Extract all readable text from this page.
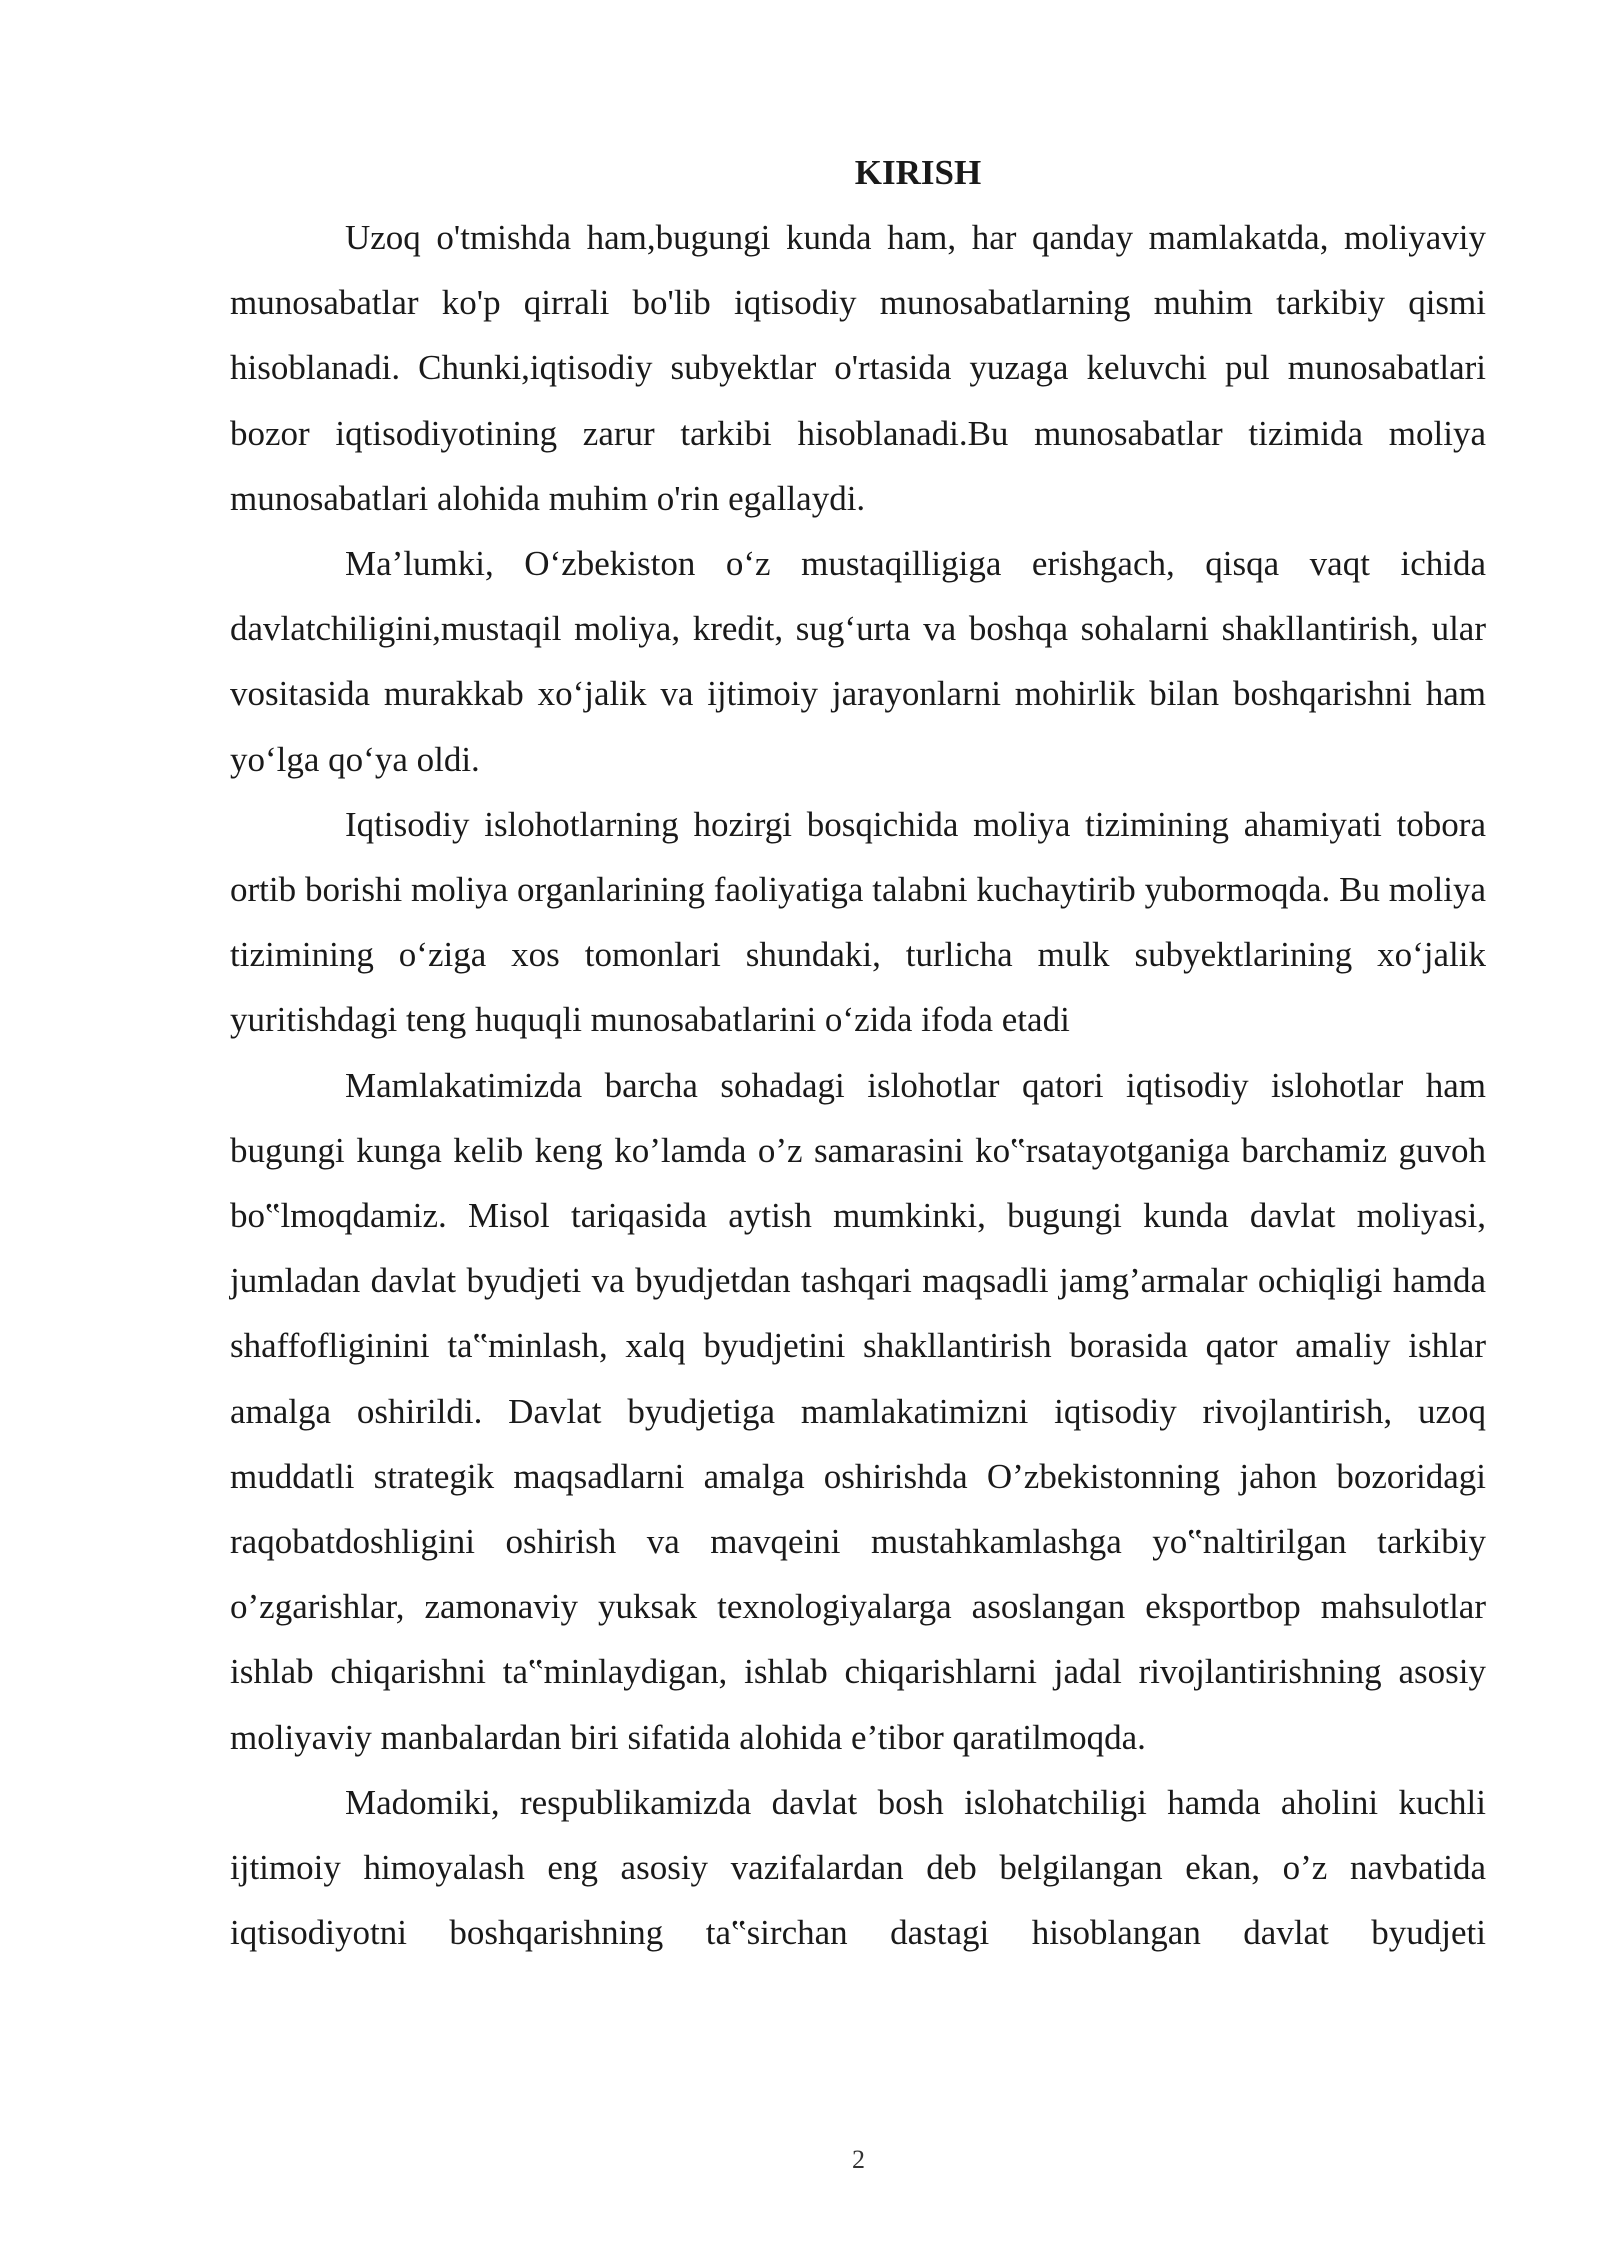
KIRISH

Uzoq o'tmishda ham,bugungi kunda ham, har qanday mamlakatda, moliyaviy munosabatlar ko'p qirrali bo'lib iqtisodiy munosabatlarning muhim tarkibiy qismi hisoblanadi. Chunki,iqtisodiy subyektlar o'rtasida yuzaga keluvchi pul munosabatlari bozor iqtisodiyotining zarur tarkibi hisoblanadi.Bu munosabatlar tizimida moliya munosabatlari alohida muhim o'rin egallaydi.

Ma’lumki, O‘zbekiston o‘z mustaqilligiga erishgach, qisqa vaqt ichida davlatchiligini,mustaqil moliya, kredit, sug‘urta va boshqa sohalarni shakllantirish, ular vositasida murakkab xo‘jalik va ijtimoiy jarayonlarni mohirlik bilan boshqarishni ham yo‘lga qo‘ya oldi.

Iqtisodiy islohotlarning hozirgi bosqichida moliya tizimining ahamiyati tobora ortib borishi moliya organlarining faoliyatiga talabni kuchaytirib yubormoqda. Bu moliya tizimining o‘ziga xos tomonlari shundaki, turlicha mulk subyektlarining xo‘jalik yuritishdagi teng huquqli munosabatlarini o‘zida ifoda etadi

Mamlakatimizda barcha sohadagi islohotlar qatori iqtisodiy islohotlar ham bugungi kunga kelib keng ko’lamda o’z samarasini ko‟rsatayotganiga barchamiz guvoh bo‟lmoqdamiz. Misol tariqasida aytish mumkinki, bugungi kunda davlat moliyasi, jumladan davlat byudjeti va byudjetdan tashqari maqsadli jamg’armalar ochiqligi hamda shaffofliginini ta‟minlash, xalq byudjetini shakllantirish borasida qator amaliy ishlar amalga oshirildi. Davlat byudjetiga mamlakatimizni iqtisodiy rivojlantirish, uzoq muddatli strategik maqsadlarni amalga oshirishda O’zbekistonning jahon bozoridagi raqobatdoshligini oshirish va mavqeini mustahkamlashga yo‟naltirilgan tarkibiy o’zgarishlar, zamonaviy yuksak texnologiyalarga asoslangan eksportbop mahsulotlar ishlab chiqarishni ta‟minlaydigan, ishlab chiqarishlarni jadal rivojlantirishning asosiy moliyaviy manbalardan biri sifatida alohida e’tibor qaratilmoqda.

Madomiki, respublikamizda davlat bosh islohatchiligi hamda aholini kuchli ijtimoiy himoyalash eng asosiy vazifalardan deb belgilangan ekan, o’z navbatida iqtisodiyotni boshqarishning ta‟sirchan dastagi hisoblangan davlat byudjeti

2
